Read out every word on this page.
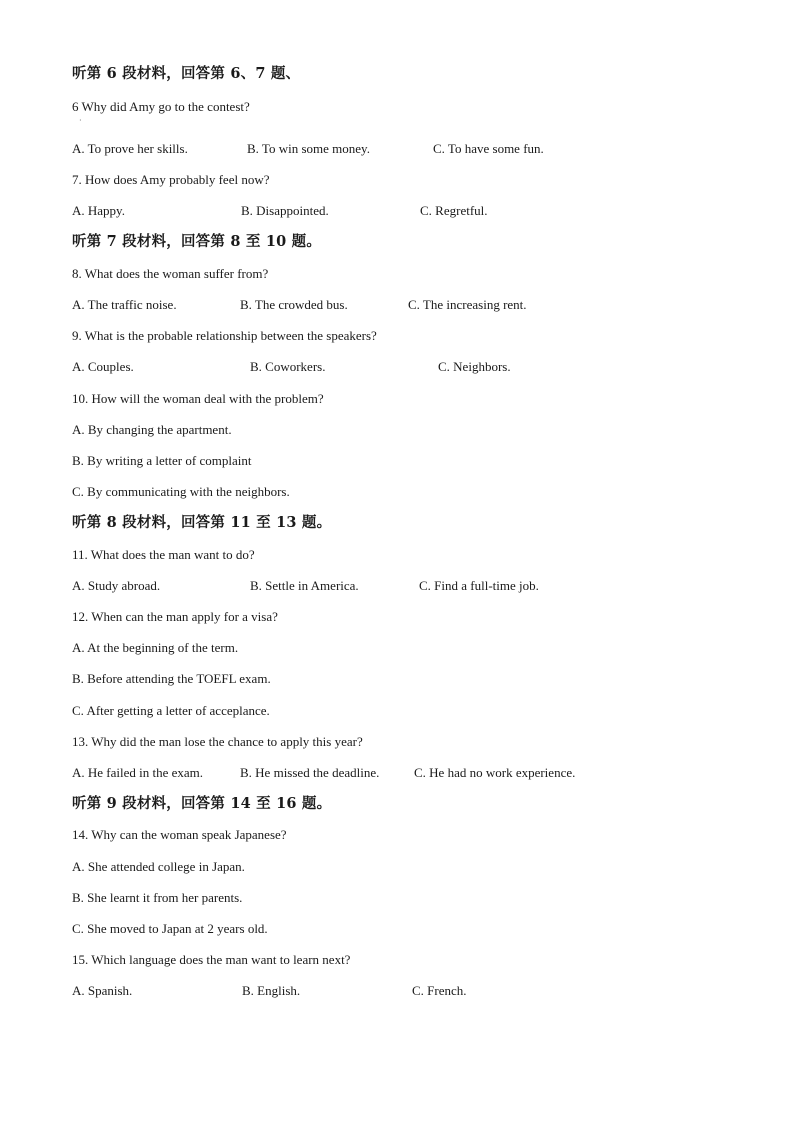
听第 6 段材料，回答第 6、7 题、
6 Why did Amy go to the contest?
·
A. To prove her skills.	B. To win some money.	C. To have some fun.
7. How does Amy probably feel now?
A. Happy.	B. Disappointed.	C. Regretful.
听第 7 段材料，回答第 8 至 10 题。
8. What does the woman suffer from?
A. The traffic noise.	B. The crowded bus.	C. The increasing rent.
9. What is the probable relationship between the speakers?
A. Couples.	B. Coworkers.	C. Neighbors.
10. How will the woman deal with the problem?
A. By changing the apartment.
B. By writing a letter of complaint
C. By communicating with the neighbors.
听第 8 段材料，回答第 11 至 13 题。
11. What does the man want to do?
A. Study abroad.	B. Settle in America.	C. Find a full-time job.
12. When can the man apply for a visa?
A. At the beginning of the term.
B. Before attending the TOEFL exam.
C. After getting a letter of acceplance.
13. Why did the man lose the chance to apply this year?
A. He failed in the exam.	B. He missed the deadline.	C. He had no work experience.
听第 9 段材料，回答第 14 至 16 题。
14. Why can the woman speak Japanese?
A. She attended college in Japan.
B. She learnt it from her parents.
C. She moved to Japan at 2 years old.
15. Which language does the man want to learn next?
A. Spanish.	B. English.	C. French.
